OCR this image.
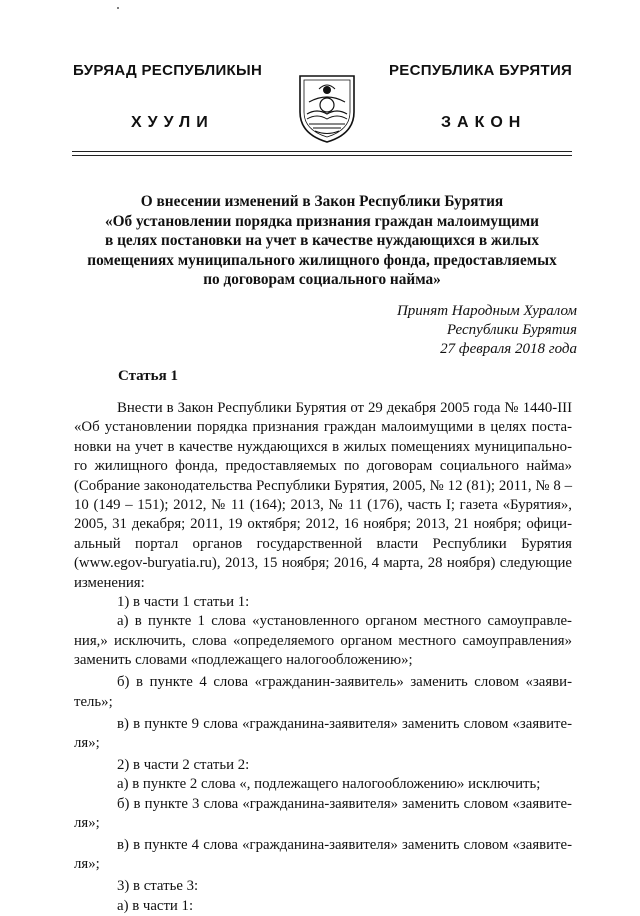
БУРЯАД РЕСПУБЛИКЫН
ХУУЛИ
РЕСПУБЛИКА БУРЯТИЯ
ЗАКОН
О внесении изменений в Закон Республики Бурятия
«Об установлении порядка признания граждан малоимущими
в целях постановки на учет в качестве нуждающихся в жилых
помещениях муниципального жилищного фонда, предоставляемых
по договорам социального найма»
Принят Народным Хуралом
Республики Бурятия
27 февраля 2018 года
Статья 1
Внести в Закон Республики Бурятия от 29 декабря 2005 года № 1440-III
«Об установлении порядка признания граждан малоимущими в целях поста-
новки на учет в качестве нуждающихся в жилых помещениях муниципально-
го жилищного фонда, предоставляемых по договорам социального найма»
(Собрание законодательства Республики Бурятия, 2005, № 12 (81); 2011, № 8 –
10 (149 – 151); 2012, № 11 (164); 2013, № 11 (176), часть I; газета «Бурятия»,
2005, 31 декабря; 2011, 19 октября; 2012, 16 ноября; 2013, 21 ноября; офици-
альный портал органов государственной власти Республики Бурятия
(www.egov-buryatia.ru), 2013, 15 ноября; 2016, 4 марта, 28 ноября) следующие
изменения:
1) в части 1 статьи 1:
а) в пункте 1 слова «установленного органом местного самоуправле-
ния,» исключить, слова «определяемого органом местного самоуправления»
заменить словами «подлежащего налогообложению»;
б) в пункте 4 слова «гражданин-заявитель» заменить словом «заяви-
тель»;
в) в пункте 9 слова «гражданина-заявителя» заменить словом «заявите-
ля»;
2) в части 2 статьи 2:
а) в пункте 2 слова «, подлежащего налогообложению» исключить;
б) в пункте 3 слова «гражданина-заявителя» заменить словом «заявите-
ля»;
в) в пункте 4 слова «гражданина-заявителя» заменить словом «заявите-
ля»;
3) в статье 3:
а) в части 1:
